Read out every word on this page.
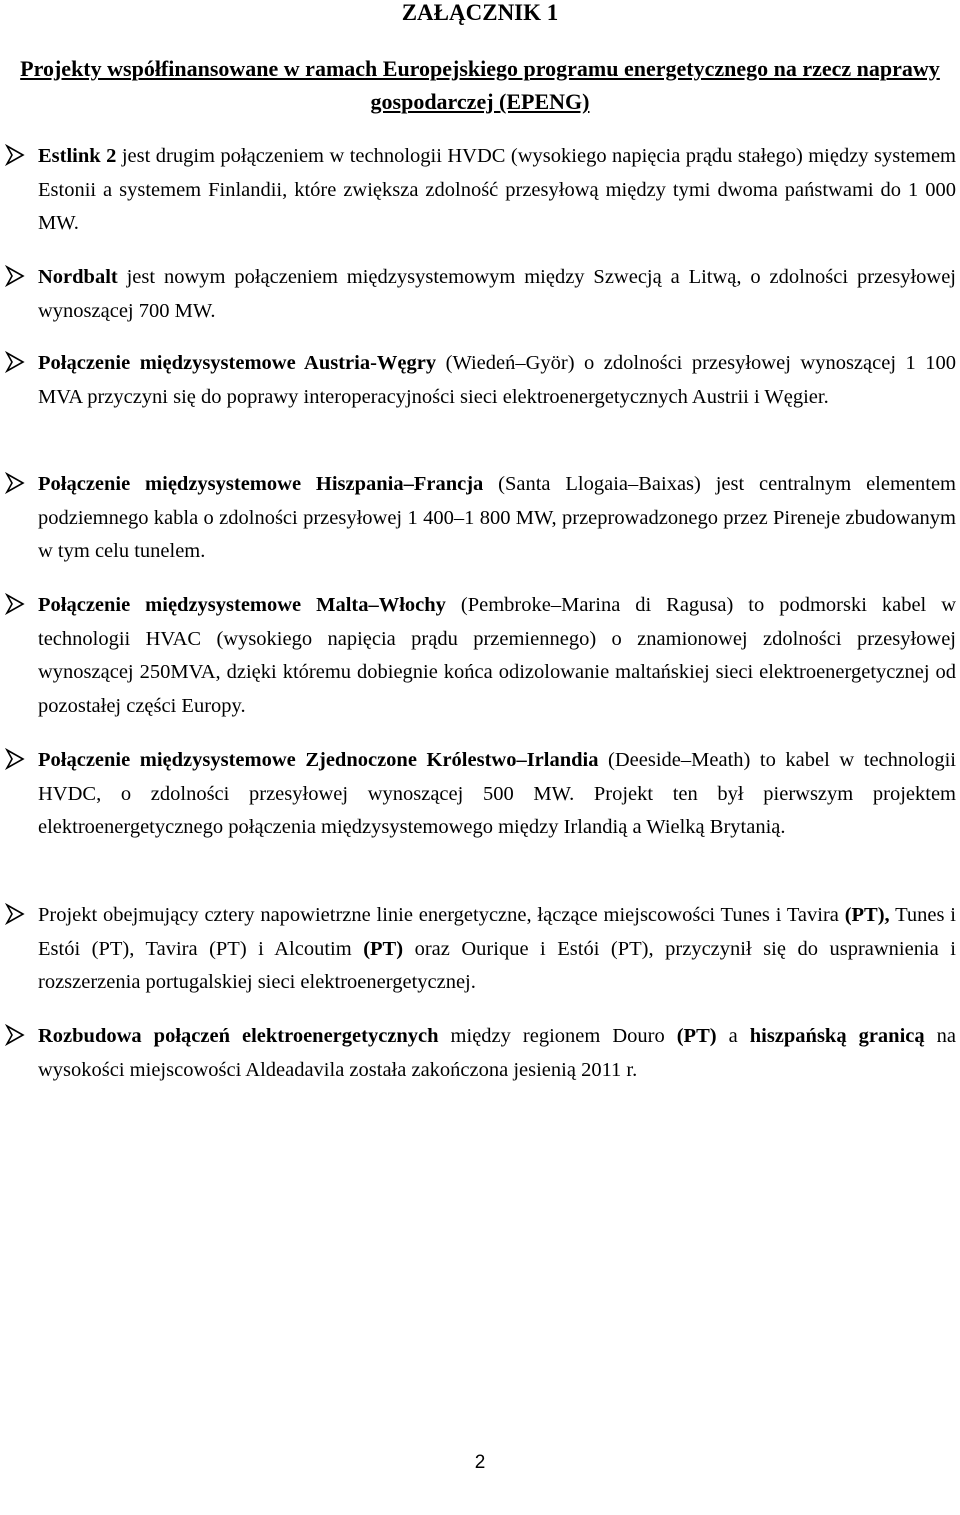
ZAŁĄCZNIK 1
Projekty współfinansowane w ramach Europejskiego programu energetycznego na rzecz naprawy gospodarczej (EPENG)
Estlink 2 jest drugim połączeniem w technologii HVDC (wysokiego napięcia prądu stałego) między systemem Estonii a systemem Finlandii, które zwiększa zdolność przesyłową między tymi dwoma państwami do 1 000 MW.
Nordbalt jest nowym połączeniem międzysystemowym między Szwecją a Litwą, o zdolności przesyłowej wynoszącej 700 MW.
Połączenie międzysystemowe Austria-Węgry (Wiedeń–Györ) o zdolności przesyłowej wynoszącej 1 100 MVA przyczyni się do poprawy interoperacyjności sieci elektroenergetycznych Austrii i Węgier.
Połączenie międzysystemowe Hiszpania–Francja (Santa Llogaia–Baixas) jest centralnym elementem podziemnego kabla o zdolności przesyłowej 1 400–1 800 MW, przeprowadzonego przez Pireneje zbudowanym w tym celu tunelem.
Połączenie międzysystemowe Malta–Włochy (Pembroke–Marina di Ragusa) to podmorski kabel w technologii HVAC (wysokiego napięcia prądu przemiennego) o znamionowej zdolności przesyłowej wynoszącej 250MVA, dzięki któremu dobiegnie końca odizolowanie maltańskiej sieci elektroenergetycznej od pozostałej części Europy.
Połączenie międzysystemowe Zjednoczone Królestwo–Irlandia (Deeside–Meath) to kabel w technologii HVDC, o zdolności przesyłowej wynoszącej 500 MW. Projekt ten był pierwszym projektem elektroenergetycznego połączenia międzysystemowego między Irlandią a Wielką Brytanią.
Projekt obejmujący cztery napowietrzne linie energetyczne, łączące miejscowości Tunes i Tavira (PT), Tunes i Estói (PT), Tavira (PT) i Alcoutim (PT) oraz Ourique i Estói (PT), przyczynił się do usprawnienia i rozszerzenia portugalskiej sieci elektroenergetycznej.
Rozbudowa połączeń elektroenergetycznych między regionem Douro (PT) a hiszpańską granicą na wysokości miejscowości Aldeadavila została zakończona jesienią 2011 r.
2
